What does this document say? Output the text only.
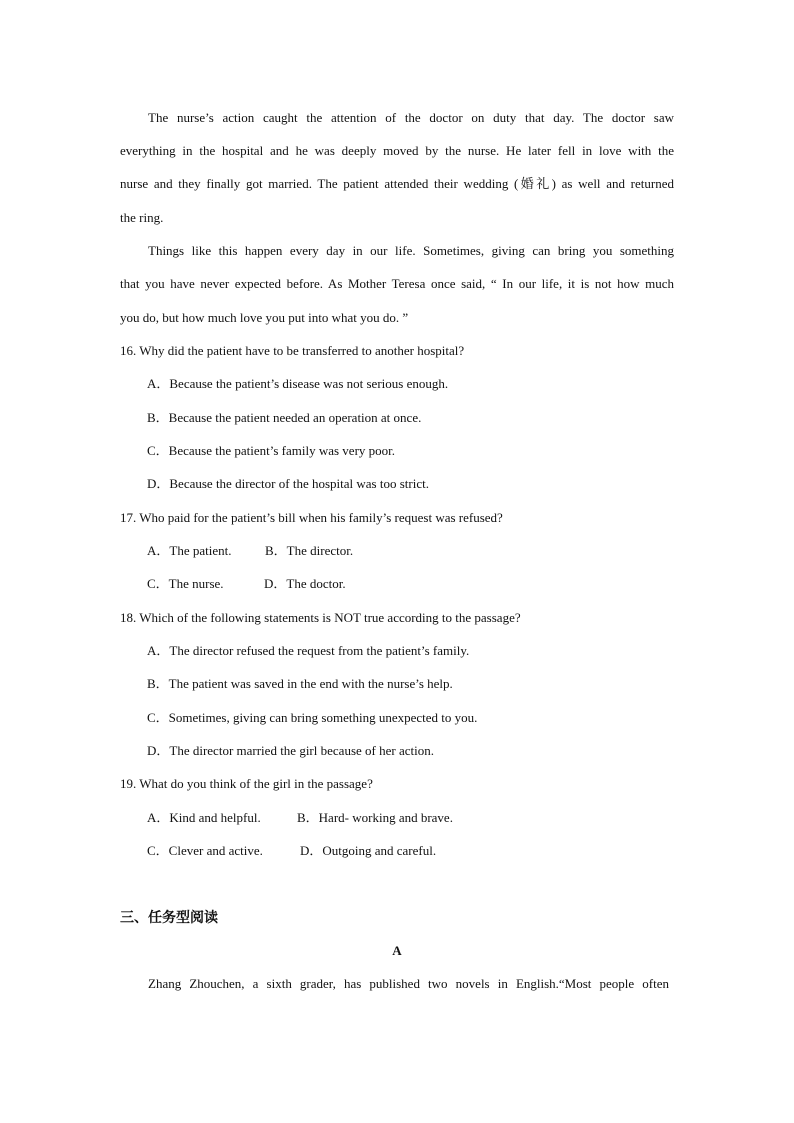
The nurse’s action caught the attention of the doctor on duty that day. The doctor saw
everything in the hospital and he was deeply moved by the nurse. He later fell in love with the
nurse and they finally got married. The patient attended their wedding (婚礼) as well and returned
the ring.
Things like this happen every day in our life. Sometimes, giving can bring you something
that you have never expected before. As Mother Teresa once said, “ In our life, it is not how much
you do, but how much love you put into what you do. ”
16. Why did the patient have to be transferred to another hospital?
A．Because the patient’s disease was not serious enough.
B．Because the patient needed an operation at once.
C．Because the patient’s family was very poor.
D．Because the director of the hospital was too strict.
17. Who paid for the patient’s bill when his family’s request was refused?
A．The patient.	B．The director.
C．The nurse.	D．The doctor.
18. Which of the following statements is NOT true according to the passage?
A．The director refused the request from the patient’s family.
B．The patient was saved in the end with the nurse’s help.
C．Sometimes, giving can bring something unexpected to you.
D．The director married the girl because of her action.
19. What do you think of the girl in the passage?
A．Kind and helpful.	B．Hard- working and brave.
C．Clever and active.	D．Outgoing and careful.
三、任务型阅读
A
Zhang Zhouchen, a sixth grader, has published two novels in English.“Most people often
